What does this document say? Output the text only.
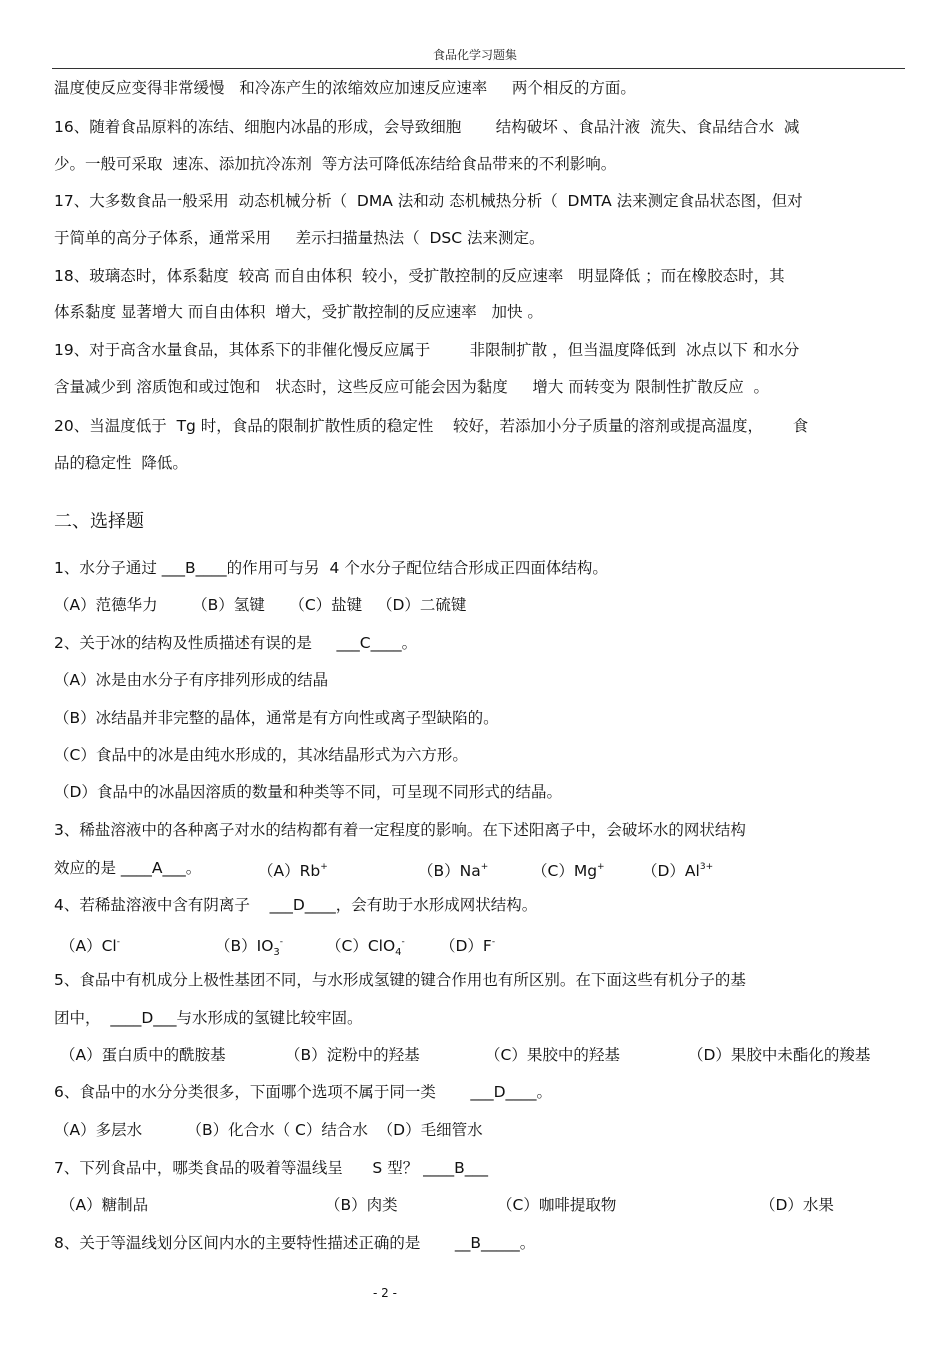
食品化学习题集
温度使反应变得非常缓慢   和冷冻产生的浓缩效应加速反应速率     两个相反的方面。
16、随着食品原料的冻结、细胞内冰晶的形成，会导致细胞       结构破坏 、食品汁液  流失、食品结合水  减
少。一般可采取  速冻、添加抗冷冻剂  等方法可降低冻结给食品带来的不利影响。
17、大多数食品一般采用  动态机械分析（  DMA 法和动 态机械热分析（  DMTA 法来测定食品状态图，但对
于简单的高分子体系，通常采用     差示扫描量热法（  DSC 法来测定。
18、玻璃态时，体系黏度  较高 而自由体积  较小，受扩散控制的反应速率   明显降低 ；而在橡胶态时，其
体系黏度 显著增大 而自由体积  增大，受扩散控制的反应速率   加快 。
19、对于高含水量食品，其体系下的非催化慢反应属于        非限制扩散 ，但当温度降低到  冰点以下 和水分
含量减少到 溶质饱和或过饱和   状态时，这些反应可能会因为黏度     增大 而转变为 限制性扩散反应  。
20、当温度低于  Tg 时，食品的限制扩散性质的稳定性    较好，若添加小分子质量的溶剂或提高温度，      食
品的稳定性  降低。
二、选择题
1、水分子通过 ___B____的作用可与另  4 个水分子配位结合形成正四面体结构。
（A）范德华力       （B）氢键     （C）盐键   （D）二硫键
2、关于冰的结构及性质描述有误的是     ___C____。
（A）冰是由水分子有序排列形成的结晶
（B）冰结晶并非完整的晶体，通常是有方向性或离子型缺陷的。
（C）食品中的冰是由纯水形成的，其冰结晶形式为六方形。
（D）食品中的冰晶因溶质的数量和种类等不同，可呈现不同形式的结晶。
3、稀盐溶液中的各种离子对水的结构都有着一定程度的影响。在下述阳离子中，会破坏水的网状结构
效应的是 ____A___。	（A）Rb+	（B）Na+	（C）Mg+ $(D)Al^{3+}$
4、若稀盐溶液中含有阴离子    ___D____，会有助于水形成网状结构。
（A）Cl-	$(B)IO_3^-$	（C）ClO$_4$- （D）F-
5、食品中有机成分上极性基团不同，与水形成氢键的键合作用也有所区别。在下面这些有机分子的基
团中，  ____D___与水形成的氢键比较牢固。
（A）蛋白质中的酰胺基	（B）淀粉中的羟基	（C）果胶中的羟基	（D）果胶中未酯化的羧基
6、食品中的水分分类很多，下面哪个选项不属于同一类       ___D____。
（A）多层水         （B）化合水（ C）结合水  （D）毛细管水
7、下列食品中，哪类食品的吸着等温线呈      S 型？ ____B___
（A）糖制品	（B）肉类	（C）咖啡提取物	（D）水果
8、关于等温线划分区间内水的主要特性描述正确的是       __B_____。
- 2 -
